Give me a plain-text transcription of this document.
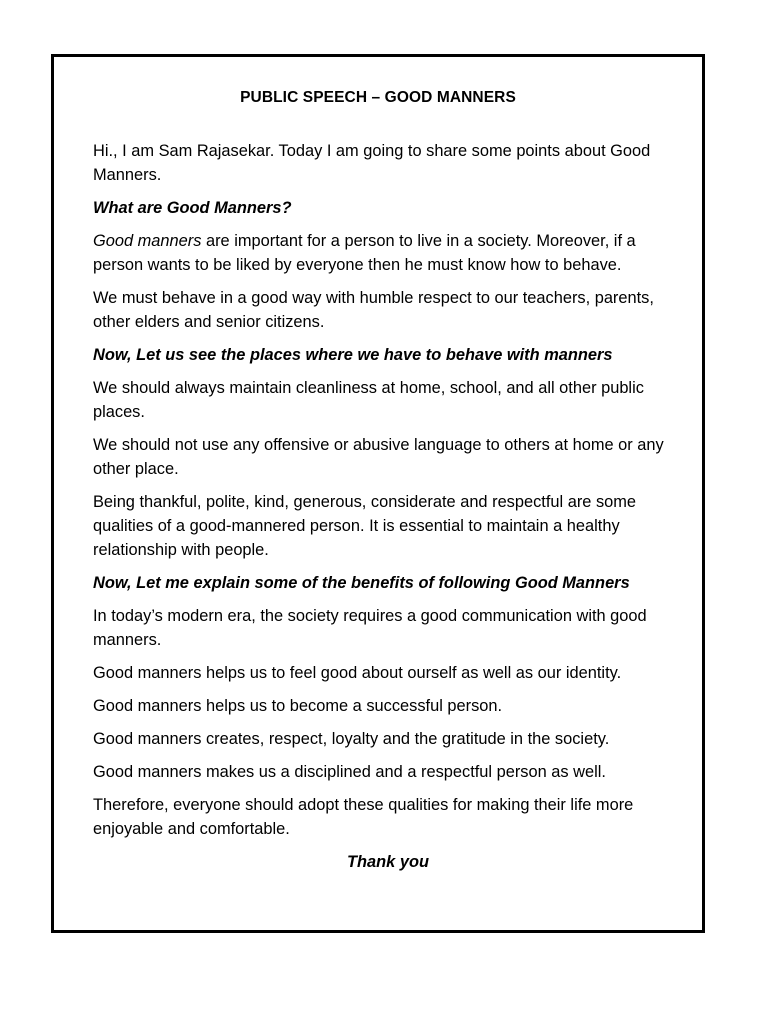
PUBLIC SPEECH – GOOD MANNERS

Hi., I am Sam Rajasekar. Today I am going to share some points about Good Manners.

What are Good Manners?

Good manners are important for a person to live in a society. Moreover, if a person wants to be liked by everyone then he must know how to behave.

We must behave in a good way with humble respect to our teachers, parents, other elders and senior citizens.

Now, Let us see the places where we have to behave with manners

We should always maintain cleanliness at home, school, and all other public places.

We should not use any offensive or abusive language to others at home or any other place.

Being thankful, polite, kind, generous, considerate and respectful are some qualities of a good-mannered person. It is essential to maintain a healthy relationship with people.

Now, Let me explain some of the benefits of following Good Manners

In today’s modern era, the society requires a good communication with good manners.

Good manners helps us to feel good about ourself as well as our identity.

Good manners helps us to become a successful person.

Good manners creates, respect, loyalty and the gratitude in the society.

Good manners makes us a disciplined and a respectful person as well.

Therefore, everyone should adopt these qualities for making their life more enjoyable and comfortable.

Thank you
